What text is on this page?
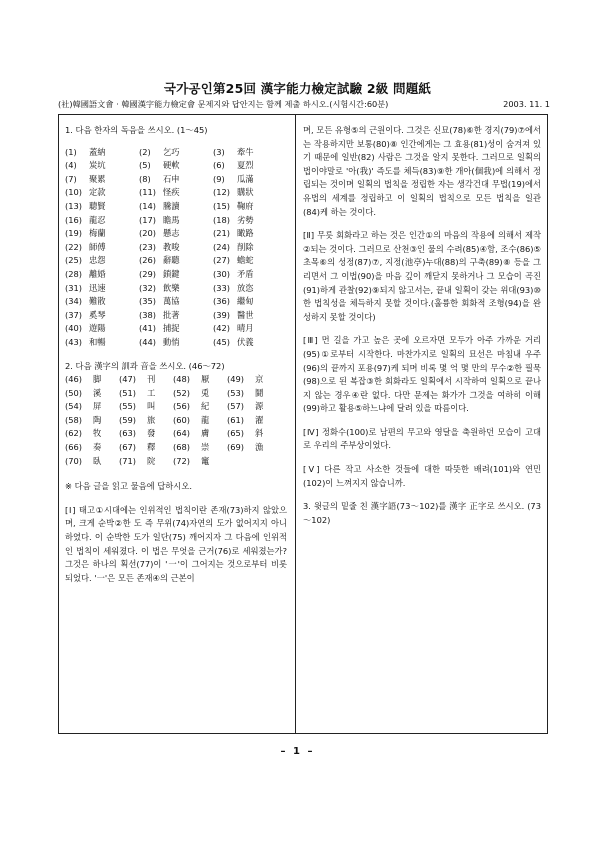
국가공인第25回 漢字能力檢定試驗 2級 問題紙
(社)韓國語文會 · 韓國漢字能力檢定會 문제지와 답안지는 함께 제출 하시오.(시험시간:60분)	2003. 11. 1
1. 다음 한자의 독음을 쓰시오. (1～45)
(1)	蓋納	(2)	乞巧	(3)	牽牛
(4)	炭坑	(5)	硬軟	(6)	夏烈
(7)	聚累	(8)	石申	(9)	瓜滿
(10) 定款	(11) 怪疾	(12) 購狀
(13) 聰賢	(14) 騰讀	(15) 鞠府
(16) 龍忍	(17) 瞻馬	(18) 劣勢
(19) 梅蘭	(20) 懸志	(21) 瞰路
(22) 師傅	(23) 教唆	(24) 削除
(25) 忠怨	(26) 辭聽	(27) 蟾蛇
(28) 離婚	(29) 鎖鍵	(30) 矛盾
(31) 迅速	(32) 飲樂	(33) 放恣
(34) 難散	(35) 萬協	(36) 繼甸
(37) 奚琴	(38) 批著	(39) 醫世
(40) 遊陽	(41) 捕捉	(42) 晴月
(43) 和暢	(44) 動悄	(45) 伏義
2. 다음 漢字의 訓과 音을 쓰시오. (46～72)
(46)	脚 (47)	刊 (48)	厭 (49)	京
(50)	溪 (51)	工 (52)	兎 (53)	鬪
(54)	屏 (55)	叫 (56)	紀 (57)	源
(58)	陶 (59)	旅 (60)	龍 (61)	濯
(62)	牧 (63)	發 (64)	膚 (65)	斜
(66)	奏 (67)	釋 (68)	崇 (69)	漁
(70)	臥 (71)	院 (72)	竃
※ 다음 글을 읽고 물음에 답하시오.
[Ⅰ] 태고①시대에는 인위적인 법칙이란 존재(73)하지 않았으며, 크게 순박②한 도 즉 무위(74)자연의 도가 없어지지 아니하였다. 이 순박한 도가 일단(75) 깨어지자 그 다음에 인위적인 법칙이 세워졌다. 이 법은 무엇을 근거(76)로 세워졌는가? 그것은 하나의 획선(77)이 '一'이 그어지는 것으로부터 비롯되었다. '一'은 모든 존재④의 근본이
며, 모든 유형⑤의 근원이다. 그것은 신묘(78)⑥한 경지(79)⑦에서는 작용하지만 보통(80)⑧ 인간에게는 그 효용(81)성이 숨겨져 있기 때문에 일반(82) 사람은 그것을 알지 못한다. 그러므로 일획의 법이야말로 '아(我)' 즉도를 체득(83)⑨한 개아(個我)에 의해서 정립되는 것이며 일획의 법칙을 정립한 자는 생각건대 무법(19)에서 유법의 세계를 정립하고 이 일획의 법칙으로 모든 법칙을 일관(84)케 하는 것이다.
[Ⅱ] 무릇 회화라고 하는 것은 인간①의 마음의 작용에 의해서 제작②되는 것이다. 그러므로 산천③인 물의 수려(85)④함, 조수(86)⑤ 초목⑥의 성정(87)⑦, 지정(池亭)누대(88)의 구축(89)⑧ 등을 그리면서 그 이법(90)을 마음 깊이 깨닫지 못하거나 그 모습이 곡진(91)하게 관찰(92)⑨되지 않고서는, 끝내 일획이 갖는 위대(93)⑩한 법칙성을 체득하지 못할 것이다.(훌륭한 회화적 조형(94)을 완성하지 못할 것이다)
[Ⅲ] 먼 길을 가고 높은 곳에 오르자면 모두가 아주 가까운 거리(95)①로부터 시작한다. 마찬가지로 일획의 묘선은 마침내 우주(96)의 끝까지 포용(97)케 되며 비록 몇 억 몇 만의 무수②한 필묵(98)으로 된 복잡③한 회화라도 일획에서 시작하여 일획으로 끝나지 않는 경우④란 없다. 다만 문제는 화가가 그것을 여하히 이해(99)하고 활용⑤하느냐에 달려 있을 따름이다.
[Ⅳ] 정화수(100)로 남편의 무고와 영달을 축원하던 모습이 고대로 우리의 주부상이었다.
[Ⅴ] 다른 작고 사소한 것들에 대한 따뜻한 배려(101)와 연민(102)이 느껴지지 않습니까.
3. 윗글의 밑줄 친 漢字語(73～102)를 漢字 正字로 쓰시오. (73～102)
– 1 –
